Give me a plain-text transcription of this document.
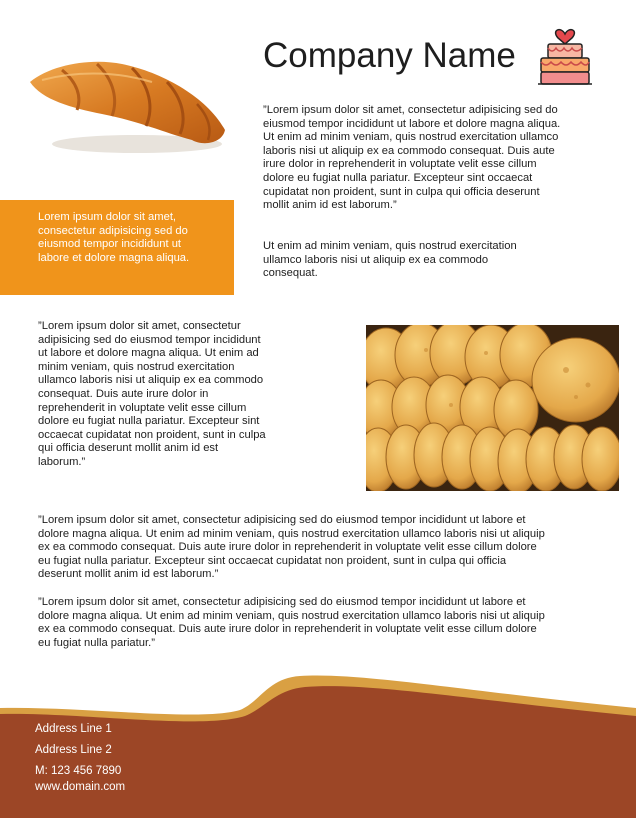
Company Name
”Lorem ipsum dolor sit amet, consectetur adipisicing sed do eiusmod tempor incididunt ut labore et dolore magna aliqua. Ut enim ad minim veniam, quis nostrud exercitation ullamco laboris nisi ut aliquip ex ea commodo consequat. Duis aute irure dolor in reprehenderit in voluptate velit esse cillum dolore eu fugiat nulla pariatur. Excepteur sint occaecat cupidatat non proident, sunt in culpa qui officia deserunt mollit anim id est laborum.”
Ut enim ad minim veniam, quis nostrud exercitation ullamco laboris nisi ut aliquip ex ea commodo consequat.
Lorem ipsum dolor sit amet, consectetur adipisicing sed do eiusmod tempor incididunt ut labore et dolore magna aliqua.
”Lorem ipsum dolor sit amet, consectetur adipisicing sed do eiusmod tempor incididunt ut labore et dolore magna aliqua. Ut enim ad minim veniam, quis nostrud exercitation ullamco laboris nisi ut aliquip ex ea commodo consequat. Duis aute irure dolor in reprehenderit in voluptate velit esse cillum dolore eu fugiat nulla pariatur. Excepteur sint occaecat cupidatat non proident, sunt in culpa qui officia deserunt mollit anim id est laborum.”
”Lorem ipsum dolor sit amet, consectetur adipisicing sed do eiusmod tempor incididunt ut labore et dolore magna aliqua. Ut enim ad minim veniam, quis nostrud exercitation ullamco laboris nisi ut aliquip ex ea commodo consequat. Duis aute irure dolor in reprehenderit in voluptate velit esse cillum dolore eu fugiat nulla pariatur. Excepteur sint occaecat cupidatat non proident, sunt in culpa qui officia deserunt mollit anim id est laborum.”
”Lorem ipsum dolor sit amet, consectetur adipisicing sed do eiusmod tempor incididunt ut labore et dolore magna aliqua. Ut enim ad minim veniam, quis nostrud exercitation ullamco laboris nisi ut aliquip ex ea commodo consequat. Duis aute irure dolor in reprehenderit in voluptate velit esse cillum dolore eu fugiat nulla pariatur.”
Address Line 1
Address Line 2
M: 123 456 7890
www.domain.com
